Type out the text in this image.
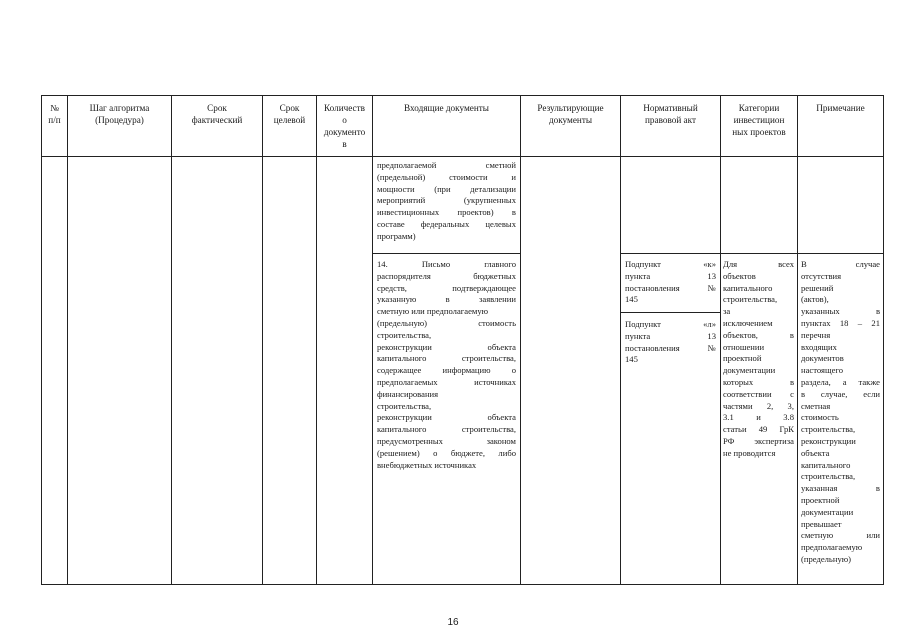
№
п/п
Шаг алгоритма
(Процедура)
Срок
фактический
Срок
целевой
Количеств
о
документо
в
Входящие документы	Результирующие
документы
Нормативный
правовой акт
Категории
инвестицион
ных проектов
Примечание
предполагаемой сметной
(предельной) стоимости и
мощности (при детализации
мероприятий (укрупненных
инвестиционных проектов) в
составе федеральных целевых
программ)
14. Письмо главного
распорядителя бюджетных
средств, подтверждающее
указанную в заявлении
сметную или предполагаемую
(предельную) стоимость
строительства,
реконструкции объекта
капитального строительства,
содержащее информацию о
предполагаемых источниках
финансирования
строительства,
реконструкции объекта
капитального строительства,
предусмотренных законом
(решением) о бюджете, либо
внебюджетных источниках
Подпункт «к»
пункта 13
постановления №
145
Подпункт «л»
пункта 13
постановления №
145
Для всех
объектов
капитального
строительства,
за
исключением
объектов, в
отношении
проектной
документации
которых в
соответствии с
частями 2, 3,
3.1 и 3.8
статьи 49 ГрК
РФ экспертиза
не проводится
В случае
отсутствия
решений
(актов),
указанных в
пунктах 18 – 21
перечня
входящих
документов
настоящего
раздела, а также
в случае, если
сметная
стоимость
строительства,
реконструкции
объекта
капитального
строительства,
указанная в
проектной
документации
превышает
сметную или
предполагаемую
(предельную)
16
